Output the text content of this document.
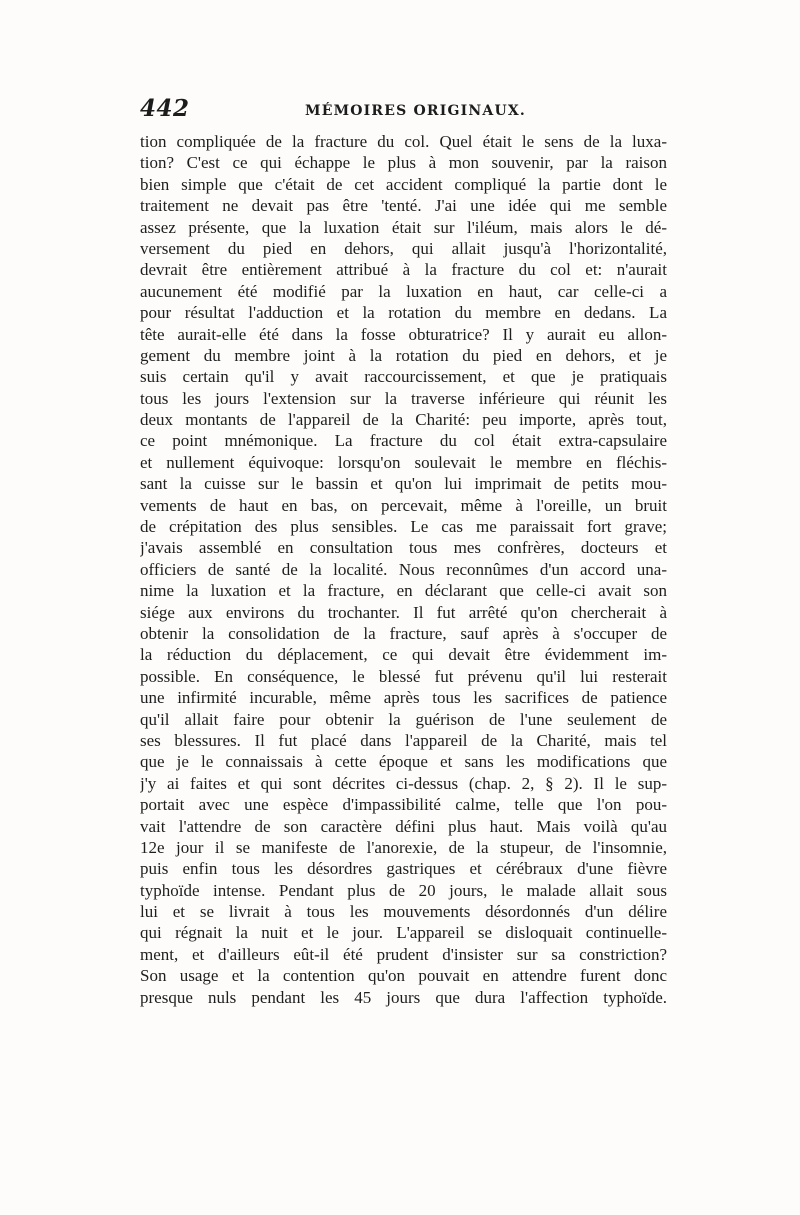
442	MÉMOIRES ORIGINAUX.
tion compliquée de la fracture du col. Quel était le sens de la luxa-
tion? C'est ce qui échappe le plus à mon souvenir, par la raison
bien simple que c'était de cet accident compliqué la partie dont le
traitement ne devait pas être 'tenté. J'ai une idée qui me semble
assez présente, que la luxation était sur l'iléum, mais alors le dé-
versement du pied en dehors, qui allait jusqu'à l'horizontalité,
devrait être entièrement attribué à la fracture du col et: n'aurait
aucunement été modifié par la luxation en haut, car celle-ci a
pour résultat l'adduction et la rotation du membre en dedans. La
tête aurait-elle été dans la fosse obturatrice? Il y aurait eu allon-
gement du membre joint à la rotation du pied en dehors, et je
suis certain qu'il y avait raccourcissement, et que je pratiquais
tous les jours l'extension sur la traverse inférieure qui réunit les
deux montants de l'appareil de la Charité: peu importe, après tout,
ce point mnémonique. La fracture du col était extra-capsulaire
et nullement équivoque: lorsqu'on soulevait le membre en fléchis-
sant la cuisse sur le bassin et qu'on lui imprimait de petits mou-
vements de haut en bas, on percevait, même à l'oreille, un bruit
de crépitation des plus sensibles. Le cas me paraissait fort grave;
j'avais assemblé en consultation tous mes confrères, docteurs et
officiers de santé de la localité. Nous reconnûmes d'un accord una-
nime la luxation et la fracture, en déclarant que celle-ci avait son
siége aux environs du trochanter. Il fut arrêté qu'on chercherait à
obtenir la consolidation de la fracture, sauf après à s'occuper de
la réduction du déplacement, ce qui devait être évidemment im-
possible. En conséquence, le blessé fut prévenu qu'il lui resterait
une infirmité incurable, même après tous les sacrifices de patience
qu'il allait faire pour obtenir la guérison de l'une seulement de
ses blessures. Il fut placé dans l'appareil de la Charité, mais tel
que je le connaissais à cette époque et sans les modifications que
j'y ai faites et qui sont décrites ci-dessus (chap. 2, § 2). Il le sup-
portait avec une espèce d'impassibilité calme, telle que l'on pou-
vait l'attendre de son caractère défini plus haut. Mais voilà qu'au
12e jour il se manifeste de l'anorexie, de la stupeur, de l'insomnie,
puis enfin tous les désordres gastriques et cérébraux d'une fièvre
typhoïde intense. Pendant plus de 20 jours, le malade allait sous
lui et se livrait à tous les mouvements désordonnés d'un délire
qui régnait la nuit et le jour. L'appareil se disloquait continuelle-
ment, et d'ailleurs eût-il été prudent d'insister sur sa constriction?
Son usage et la contention qu'on pouvait en attendre furent donc
presque nuls pendant les 45 jours que dura l'affection typhoïde.
